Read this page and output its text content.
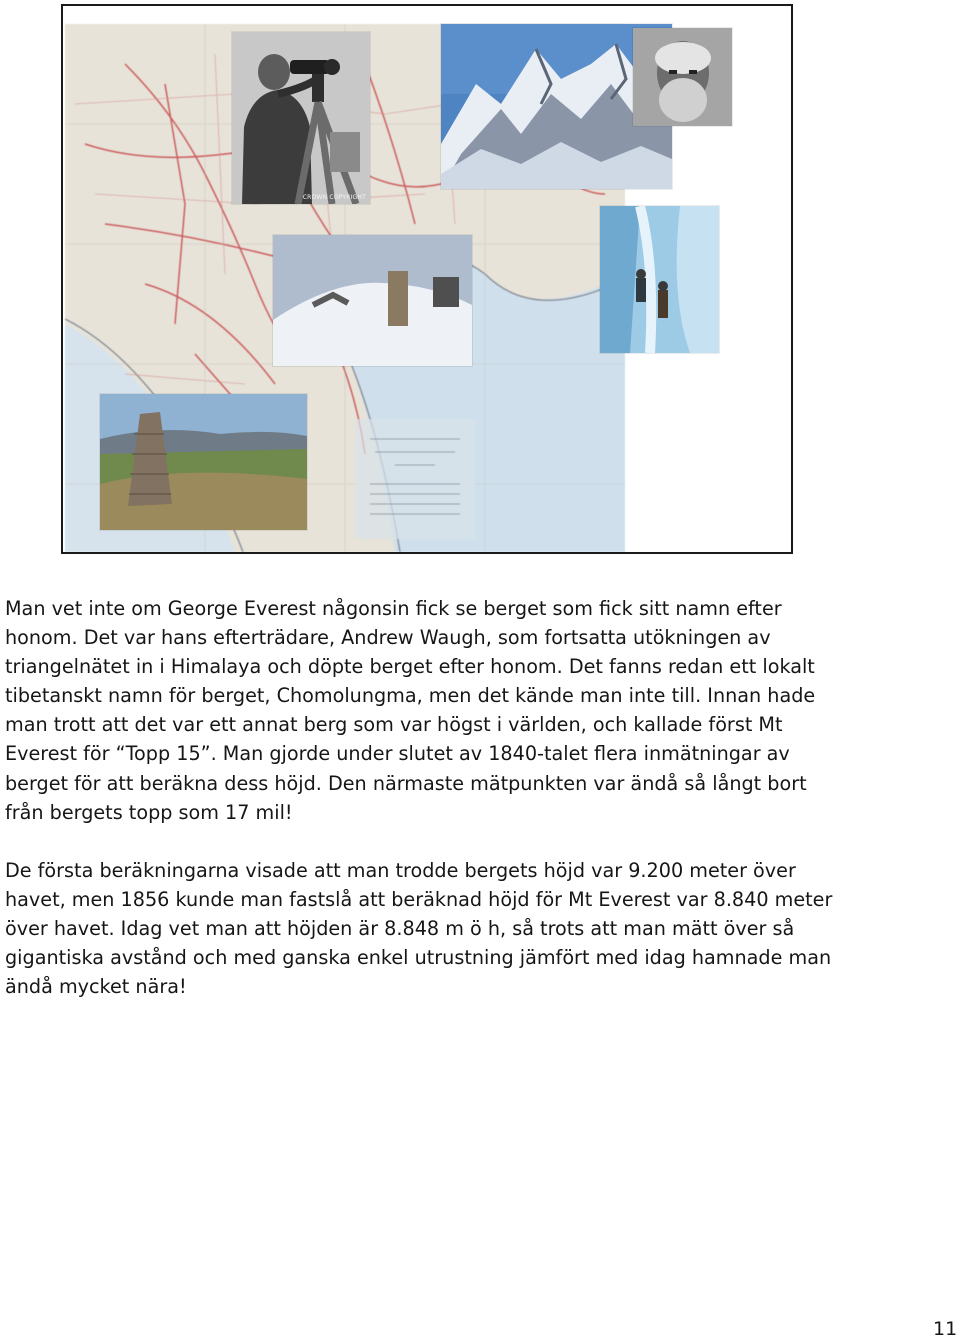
CROWN COPYRIGHT

Man vet inte om George Everest någonsin fick se berget som fick sitt namn efter

honom. Det var hans efterträdare, Andrew Waugh, som fortsatta utökningen av

triangelnätet in i Himalaya och döpte berget efter honom. Det fanns redan ett lokalt

tibetanskt namn för berget, Chomolungma, men det kände man inte till. Innan hade

man trott att det var ett annat berg som var högst i världen, och kallade först Mt

Everest för “Topp 15”. Man gjorde under slutet av 1840-talet flera inmätningar av

berget för att beräkna dess höjd. Den närmaste mätpunkten var ändå så långt bort

från bergets topp som 17 mil!

De första beräkningarna visade att man trodde bergets höjd var 9.200 meter över

havet, men 1856 kunde man fastslå att beräknad höjd för Mt Everest var 8.840 meter

över havet. Idag vet man att höjden är 8.848 m ö h, så trots att man mätt över så

gigantiska avstånd och med ganska enkel utrustning jämfört med idag hamnade man

ändå mycket nära!

11
